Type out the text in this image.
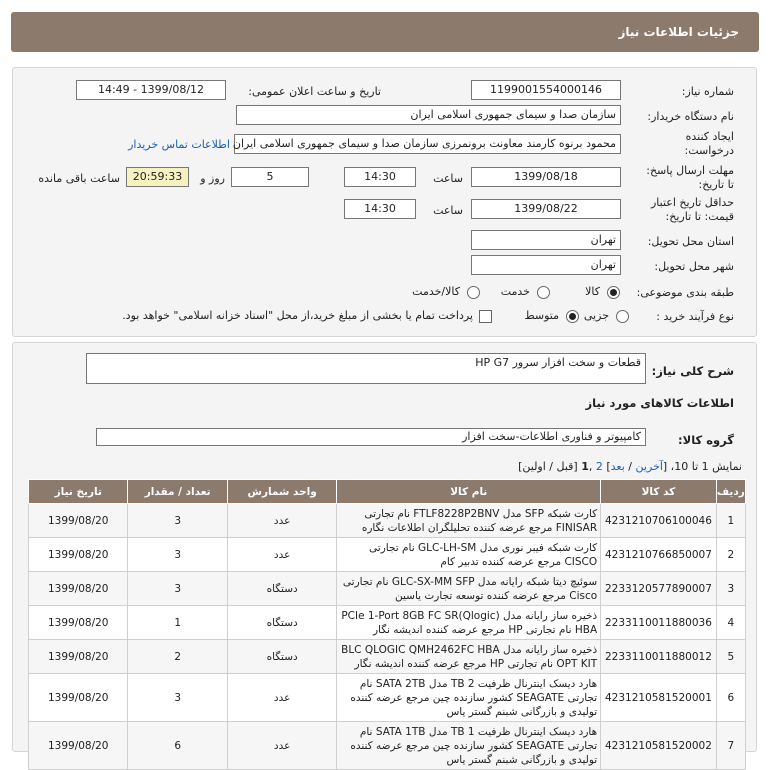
جزئیات اطلاعات نیاز
شماره نیاز:
1199001554000146
تاریخ و ساعت اعلان عمومی:
1399/08/12 - 14:49
نام دستگاه خریدار:
سازمان صدا و سیمای جمهوری اسلامی ایران
ایجاد کننده
درخواست:
محمود برنوه کارمند معاونت برونمرزی سازمان صدا و سیمای جمهوری اسلامی ایران
اطلاعات تماس خریدار
مهلت ارسال پاسخ:
تا تاریخ:
1399/08/18
ساعت
14:30
5
روز و
20:59:33
ساعت باقی مانده
حداقل تاریخ اعتبار
قیمت: تا تاریخ:
1399/08/22
ساعت
14:30
استان محل تحویل:
تهران
شهر محل تحویل:
تهران
طبقه بندی موضوعی:
کالا
خدمت
کالا/خدمت
نوع فرآیند خرید :
جزیی
متوسط
پرداخت تمام یا بخشی از مبلغ خرید،از محل "اسناد خزانه اسلامی" خواهد بود.
شرح کلی نیاز:
قطعات و سخت افزار سرور HP G7
اطلاعات کالاهای مورد نیاز
گروه کالا:
کامپیوتر و فناوری اطلاعات-سخت افزار
نمایش 1 تا 10، [آخرین / بعد] 2 ,1 [قبل / اولین]
ردیف	کد کالا	نام کالا	واحد شمارش	تعداد / مقدار	تاریخ نیاز
1	4231210706100046	کارت شبکه SFP مدل FTLF8228P2BNV نام تجارتی FINISAR مرجع عرضه کننده تحلیلگران اطلاعات نگاره	عدد	3	1399/08/20
2	4231210766850007	کارت شبکه فیبر نوری مدل GLC-LH-SM نام تجارتی CISCO مرجع عرضه کننده تدبیر کام	عدد	3	1399/08/20
3	2233120577890007	سوئیچ دیتا شبکه رایانه مدل GLC-SX-MM SFP نام تجارتی Cisco مرجع عرضه کننده توسعه تجارت یاسین	دستگاه	3	1399/08/20
4	2233110011880036	ذخیره ساز رایانه مدل PCIe 1-Port 8GB FC SR(Qlogic) HBA نام تجارتی HP مرجع عرضه کننده اندیشه نگار	دستگاه	1	1399/08/20
5	2233110011880012	ذخیره ساز رایانه مدل BLC QLOGIC QMH2462FC HBA OPT KIT نام تجارتی HP مرجع عرضه کننده اندیشه نگار	دستگاه	2	1399/08/20
6	4231210581520001	هارد دیسک اینترنال ظرفیت 2 TB مدل SATA 2TB نام تجارتی SEAGATE کشور سازنده چین مرجع عرضه کننده تولیدی و بازرگانی شبنم گستر یاس	عدد	3	1399/08/20
7	4231210581520002	هارد دیسک اینترنال ظرفیت 1 TB مدل SATA 1TB نام تجارتی SEAGATE کشور سازنده چین مرجع عرضه کننده تولیدی و بازرگانی شبنم گستر یاس	عدد	6	1399/08/20
